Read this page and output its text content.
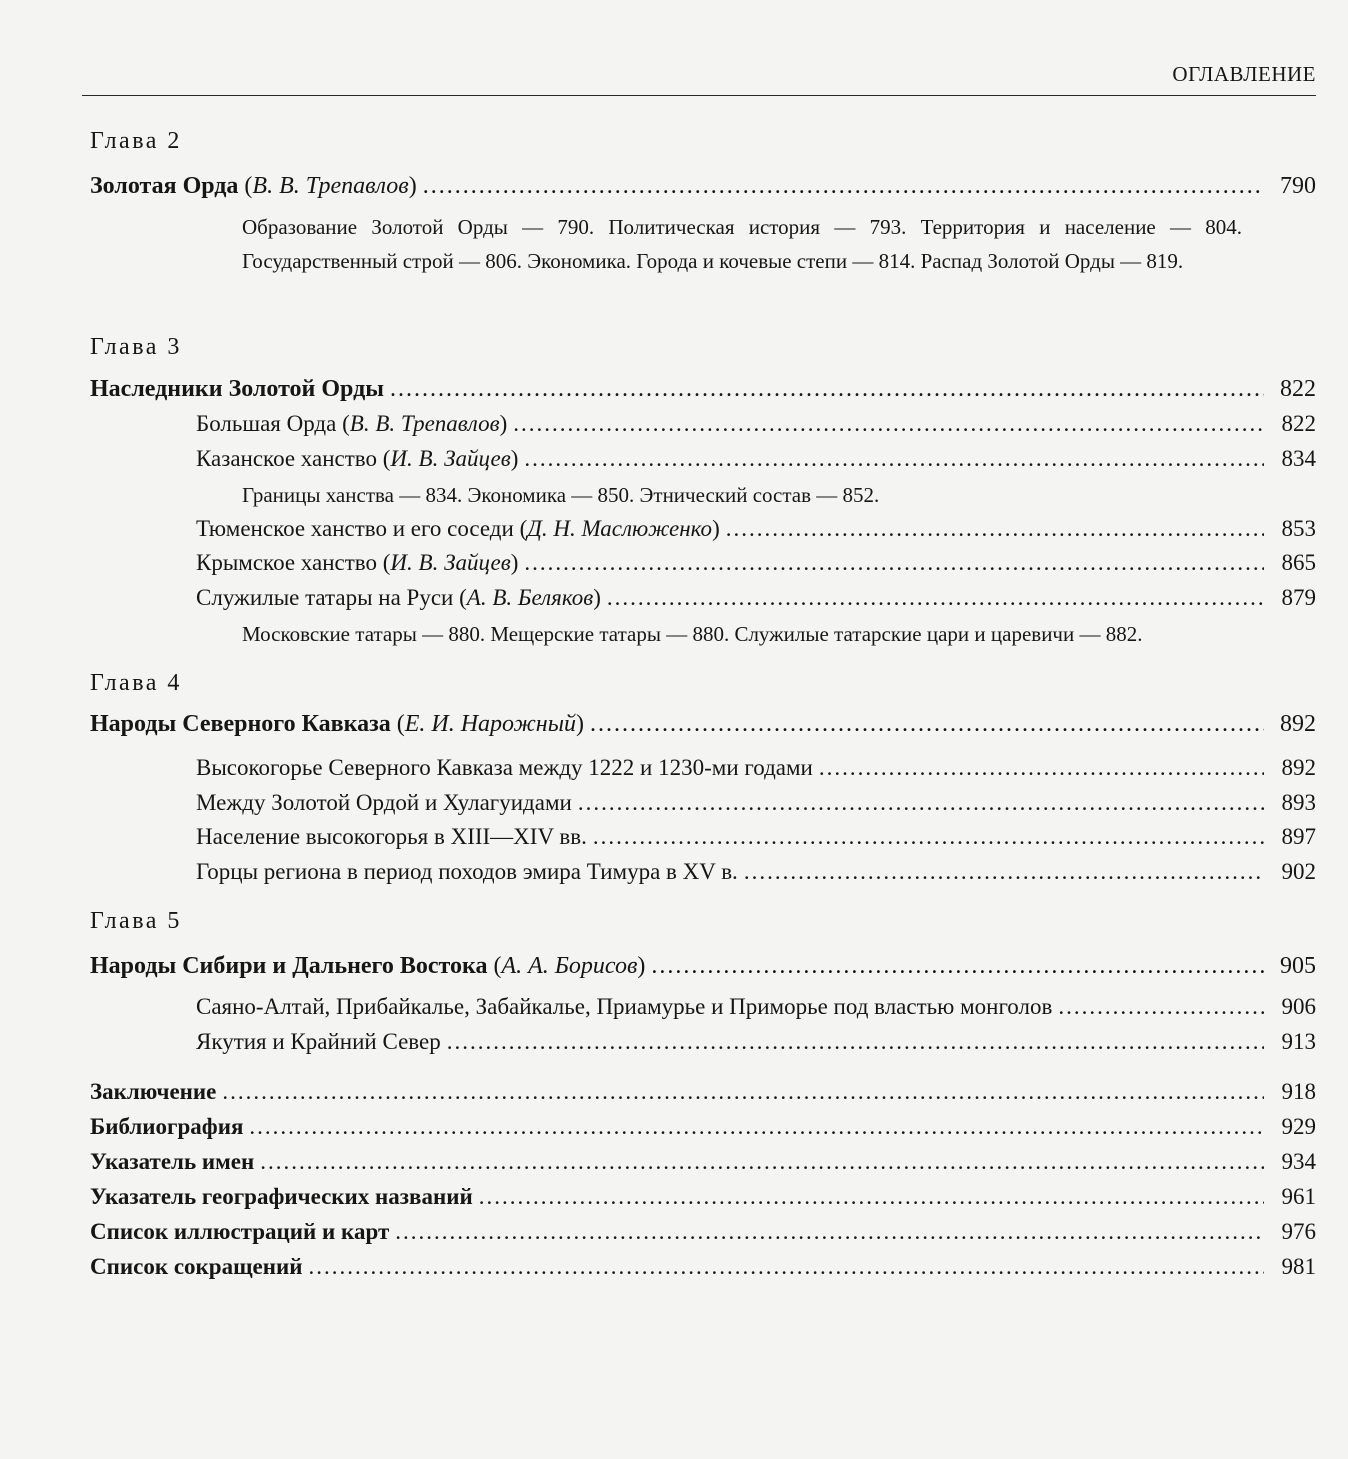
ОГЛАВЛЕНИЕ
Глава 2
Золотая Орда (В. В. Трепавлов) .....	790
Образование Золотой Орды — 790. Политическая история — 793. Территория и население — 804. Государственный строй — 806. Экономика. Города и кочевые степи — 814. Распад Золотой Орды — 819.
Глава 3
Наследники Золотой Орды .....	822
Большая Орда (В. В. Трепавлов) .....	822
Казанское ханство (И. В. Зайцев) .....	834
Границы ханства — 834. Экономика — 850. Этнический состав — 852.
Тюменское ханство и его соседи (Д. Н. Маслюженко) .....	853
Крымское ханство (И. В. Зайцев) .....	865
Служилые татары на Руси (А. В. Беляков) .....	879
Московские татары — 880. Мещерские татары — 880. Служилые татарские цари и царевичи — 882.
Глава 4
Народы Северного Кавказа (Е. И. Нарожный) .....	892
Высокогорье Северного Кавказа между 1222 и 1230-ми годами .....	892
Между Золотой Ордой и Хулагуидами .....	893
Население высокогорья в XIII—XIV вв. .....	897
Горцы региона в период походов эмира Тимура в XV в. .....	902
Глава 5
Народы Сибири и Дальнего Востока (А. А. Борисов) .....	905
Саяно-Алтай, Прибайкалье, Забайкалье, Приамурье и Приморье под властью монголов .....	906
Якутия и Крайний Север .....	913
Заключение .....	918
Библиография .....	929
Указатель имен .....	934
Указатель географических названий .....	961
Список иллюстраций и карт .....	976
Список сокращений .....	981
